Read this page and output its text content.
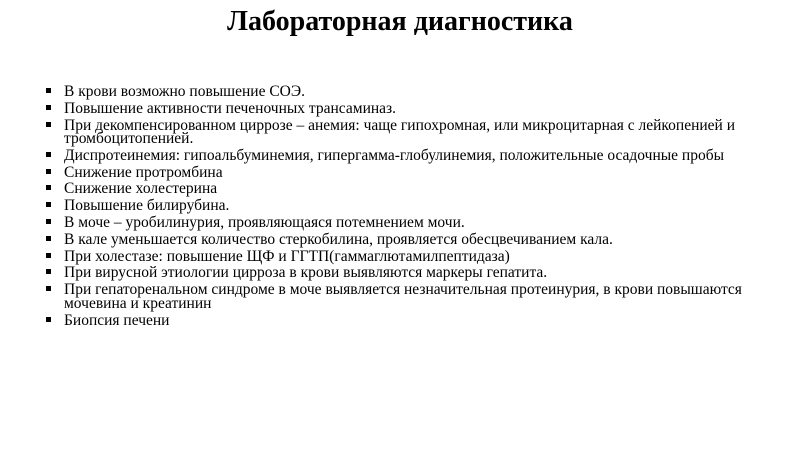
Лабораторная диагностика
В крови возможно повышение СОЭ.
Повышение активности печеночных трансаминаз.
При декомпенсированном циррозе – анемия: чаще гипохромная, или микроцитарная с лейкопенией и тромбоцитопенией.
Диспротеинемия: гипоальбуминемия, гипергамма-глобулинемия, положительные осадочные пробы
Снижение протромбина
Снижение холестерина
Повышение билирубина.
В моче – уробилинурия, проявляющаяся потемнением мочи.
В кале уменьшается количество стеркобилина, проявляется обесцвечиванием кала.
При холестазе: повышение ЩФ и ГГТП(гаммаглютамилпептидаза)
При вирусной этиологии цирроза в крови выявляются маркеры гепатита.
При гепаторенальном синдроме в моче выявляется незначительная протеинурия, в крови повышаются мочевина и креатинин
Биопсия печени
